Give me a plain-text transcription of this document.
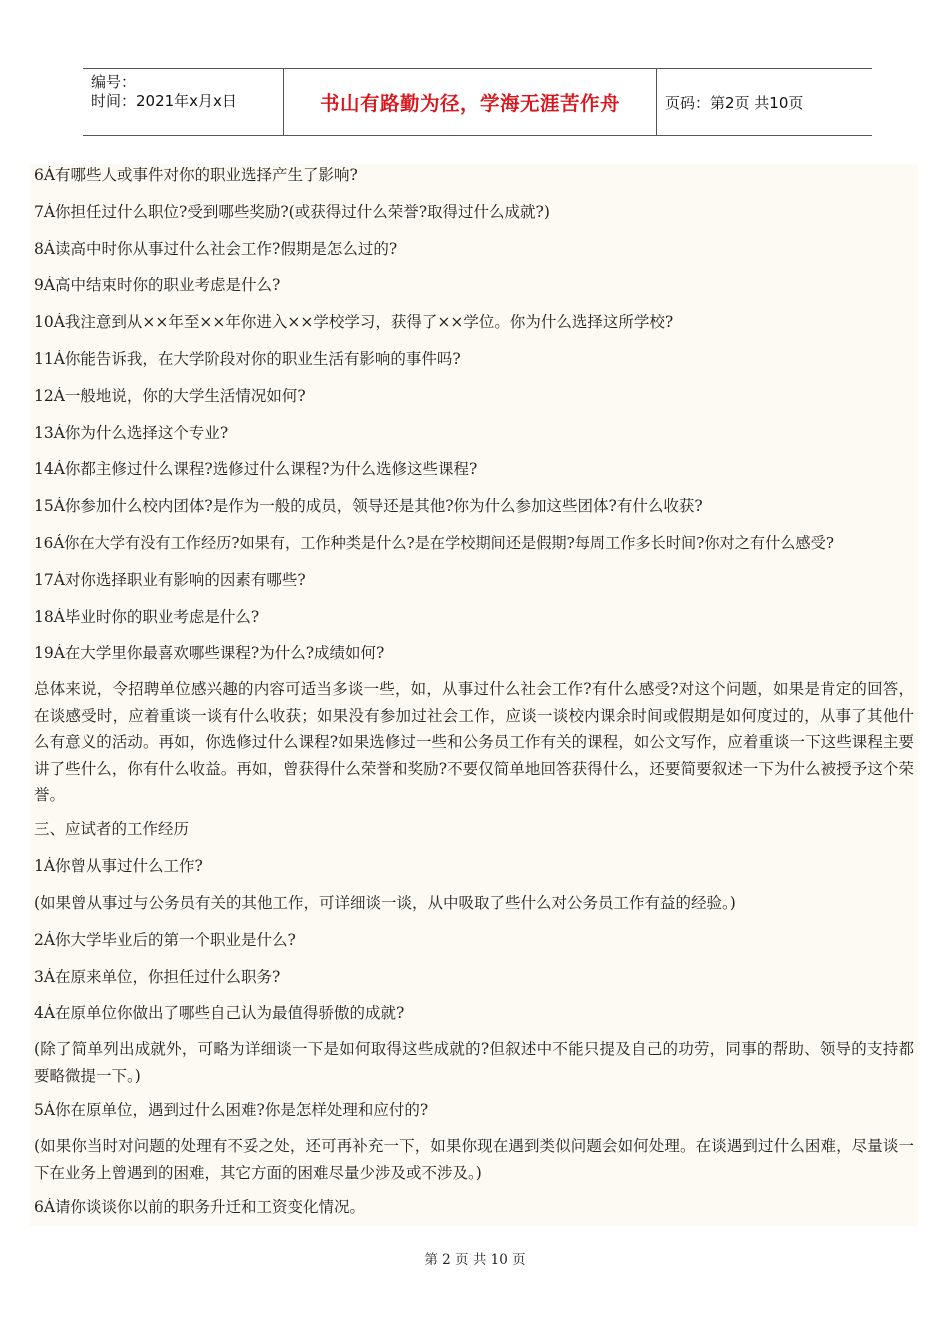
编号：
时间：2021年x月x日	书山有路勤为径，学海无涯苦作舟	页码：第2页 共10页
6Á有哪些人或事件对你的职业选择产生了影响?
7Á你担任过什么职位?受到哪些奖励?(或获得过什么荣誉?取得过什么成就?)
8Á读高中时你从事过什么社会工作?假期是怎么过的?
9Á高中结束时你的职业考虑是什么?
10Á我注意到从××年至××年你进入××学校学习，获得了××学位。你为什么选择这所学校?
11Á你能告诉我，在大学阶段对你的职业生活有影响的事件吗?
12Á一般地说，你的大学生活情况如何?
13Á你为什么选择这个专业?
14Á你都主修过什么课程?选修过什么课程?为什么选修这些课程?
15Á你参加什么校内团体?是作为一般的成员，领导还是其他?你为什么参加这些团体?有什么收获?
16Á你在大学有没有工作经历?如果有，工作种类是什么?是在学校期间还是假期?每周工作多长时间?你对之有什么感受?
17Á对你选择职业有影响的因素有哪些?
18Á毕业时你的职业考虑是什么?
19Á在大学里你最喜欢哪些课程?为什么?成绩如何?
总体来说，令招聘单位感兴趣的内容可适当多谈一些，如，从事过什么社会工作?有什么感受?对这个问题，如果是肯定的回答，在谈感受时，应着重谈一谈有什么收获；如果没有参加过社会工作，应谈一谈校内课余时间或假期是如何度过的，从事了其他什么有意义的活动。再如，你选修过什么课程?如果选修过一些和公务员工作有关的课程，如公文写作，应着重谈一下这些课程主要讲了些什么，你有什么收益。再如，曾获得什么荣誉和奖励?不要仅简单地回答获得什么，还要简要叙述一下为什么被授予这个荣誉。
三、应试者的工作经历
1Á你曾从事过什么工作?
(如果曾从事过与公务员有关的其他工作，可详细谈一谈，从中吸取了些什么对公务员工作有益的经验。)
2Á你大学毕业后的第一个职业是什么?
3Á在原来单位，你担任过什么职务?
4Á在原单位你做出了哪些自己认为最值得骄傲的成就?
(除了简单列出成就外，可略为详细谈一下是如何取得这些成就的?但叙述中不能只提及自己的功劳，同事的帮助、领导的支持都要略微提一下。)
5Á你在原单位，遇到过什么困难?你是怎样处理和应付的?
(如果你当时对问题的处理有不妥之处，还可再补充一下，如果你现在遇到类似问题会如何处理。在谈遇到过什么困难，尽量谈一下在业务上曾遇到的困难，其它方面的困难尽量少涉及或不涉及。)
6Á请你谈谈你以前的职务升迁和工资变化情况。
第 2 页 共 10 页
